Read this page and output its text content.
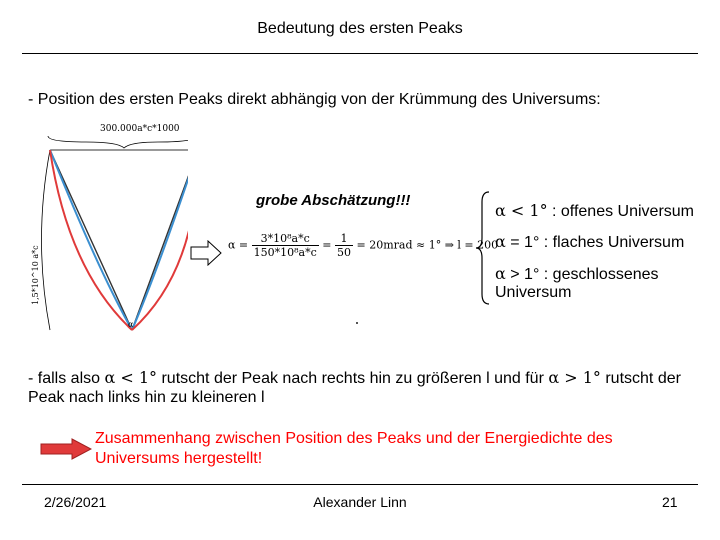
Bedeutung des ersten Peaks
- Position des ersten Peaks direkt abhängig von der Krümmung des Universums:
300.000a*c*1000
1,5*10^10 a*c
α
grobe Abschätzung!!!
$\alpha = \frac{\text{3*10⁸a*c}}{\text{150*10⁸a*c}} = \frac{1}{50}$ = 20mrad ≈ 1° ⇒ l = 200
α < 1° : offenes Universum
α = 1° : flaches Universum
α > 1° : geschlossenes Universum
- falls also α < 1° rutscht der Peak nach rechts hin zu größeren l und für α > 1° rutscht der Peak nach links hin zu kleineren l
Zusammenhang zwischen Position des Peaks und der Energiedichte des Universums hergestellt!
2/26/2021	Alexander Linn	21
